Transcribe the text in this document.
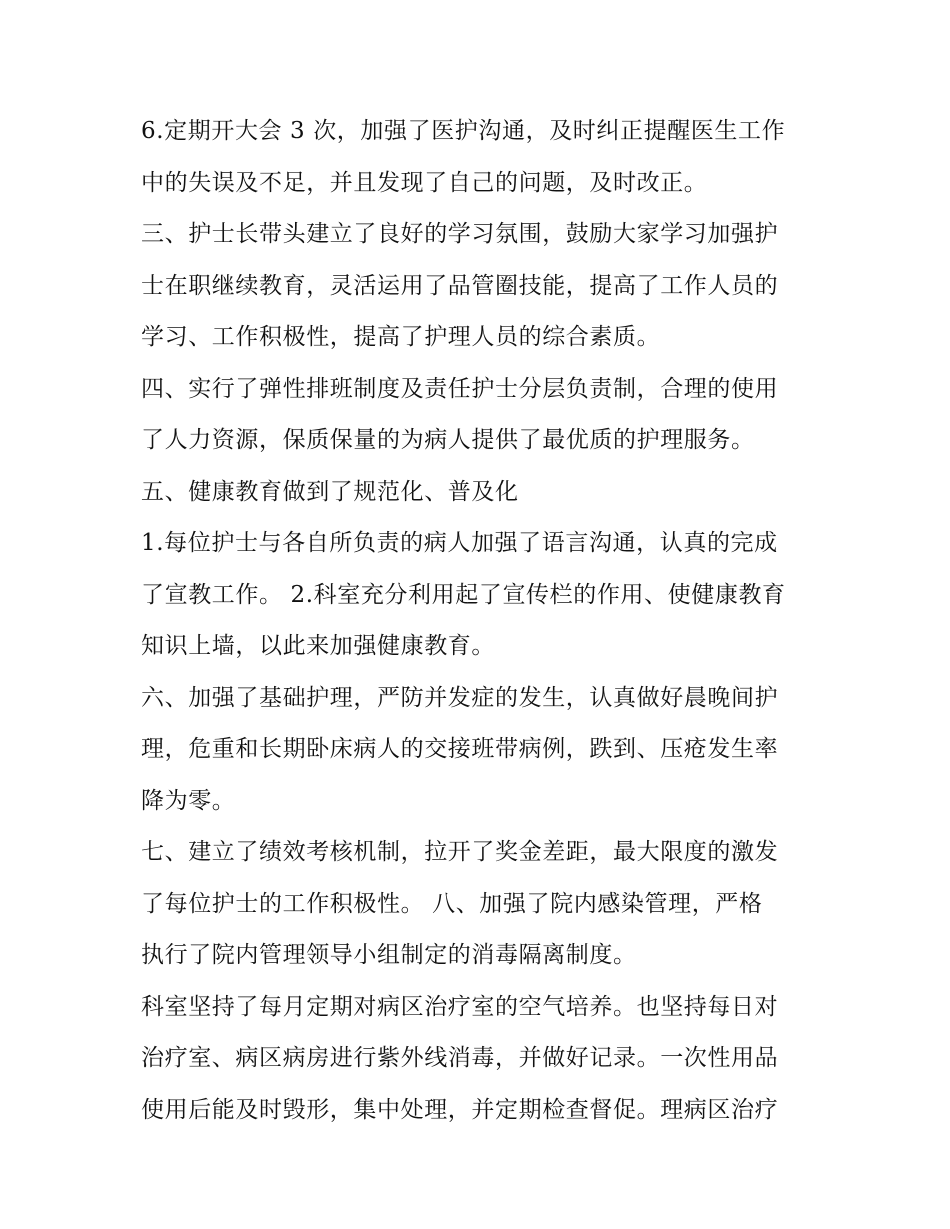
6.定期开大会 3 次，加强了医护沟通，及时纠正提醒医生工作

中的失误及不足，并且发现了自己的问题，及时改正。

三、护士长带头建立了良好的学习氛围，鼓励大家学习加强护

士在职继续教育，灵活运用了品管圈技能，提高了工作人员的

学习、工作积极性，提高了护理人员的综合素质。

四、实行了弹性排班制度及责任护士分层负责制，合理的使用

了人力资源，保质保量的为病人提供了最优质的护理服务。

五、健康教育做到了规范化、普及化

1.每位护士与各自所负责的病人加强了语言沟通，认真的完成

了宣教工作。 2.科室充分利用起了宣传栏的作用、使健康教育

知识上墙，以此来加强健康教育。

六、加强了基础护理，严防并发症的发生，认真做好晨晚间护

理，危重和长期卧床病人的交接班带病例，跌到、压疮发生率

降为零。

七、建立了绩效考核机制，拉开了奖金差距，最大限度的激发

了每位护士的工作积极性。 八、加强了院内感染管理，严格

执行了院内管理领导小组制定的消毒隔离制度。

科室坚持了每月定期对病区治疗室的空气培养。也坚持每日对

治疗室、病区病房进行紫外线消毒，并做好记录。一次性用品

使用后能及时毁形，集中处理，并定期检查督促。理病区治疗
